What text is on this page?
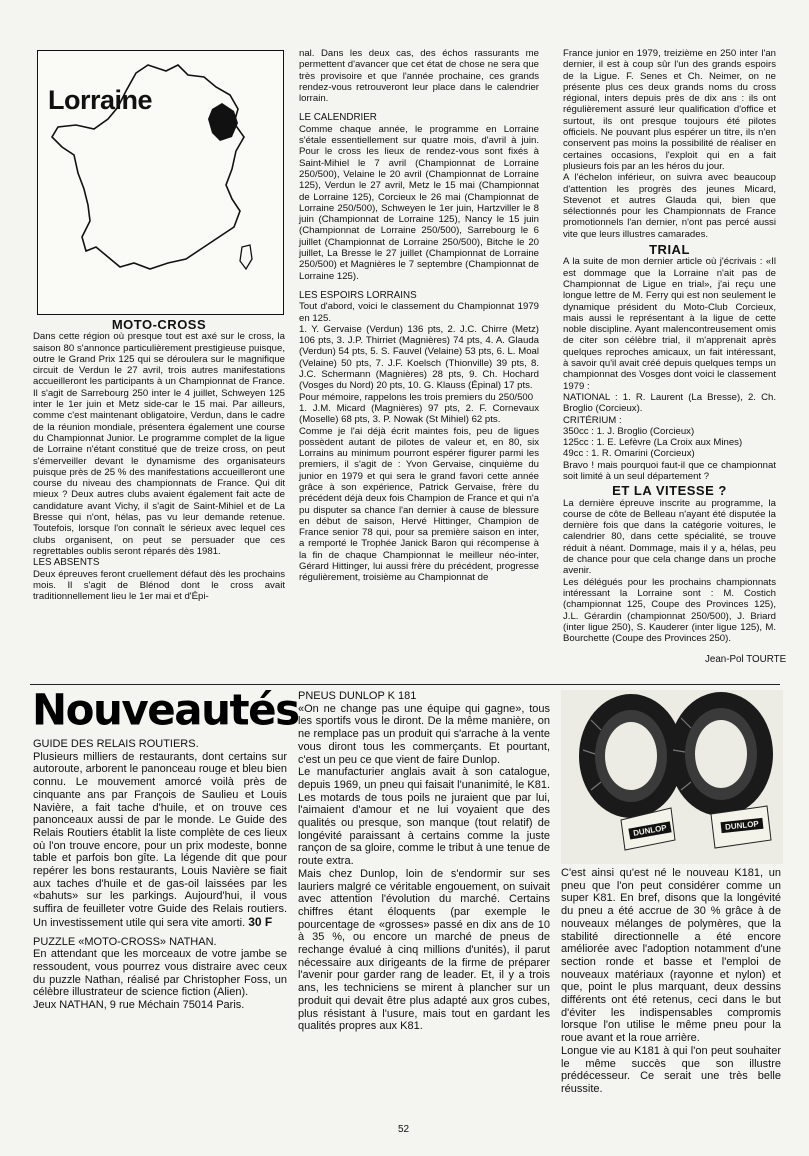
Lorraine
MOTO-CROSS

Dans cette région où presque tout est axé sur le cross, la saison 80 s'annonce particulièrement prestigieuse puisque, outre le Grand Prix 125 qui se déroulera sur le magnifique circuit de Verdun le 27 avril, trois autres manifestations accueilleront les participants à un Championnat de France. Il s'agit de Sarrebourg 250 inter le 4 juillet, Schweyen 125 inter le 1er juin et Metz side-car le 15 mai. Par ailleurs, comme c'est maintenant obligatoire, Verdun, dans le cadre de la réunion mondiale, présentera également une course du Championnat Junior. Le programme complet de la ligue de Lorraine n'étant constitué que de treize cross, on peut s'émerveiller devant le dynamisme des organisateurs puisque près de 25 % des manifestations accueilleront une course du niveau des championnats de France. Qui dit mieux ? Deux autres clubs avaient également fait acte de candidature avant Vichy, il s'agit de Saint-Mihiel et de La Bresse qui n'ont, hélas, pas vu leur demande retenue. Toutefois, lorsque l'on connaît le sérieux avec lequel ces clubs organisent, on peut se persuader que ces regrettables oublis seront réparés dès 1981.

LES ABSENTS

Deux épreuves feront cruellement défaut dès les prochains mois. Il s'agit de Blénod dont le cross avait traditionnellement lieu le 1er mai et d'Épi-

nal. Dans les deux cas, des échos rassurants me permettent d'avancer que cet état de chose ne sera que très provisoire et que l'année prochaine, ces grands rendez-vous retrouveront leur place dans le calendrier lorrain.

LE CALENDRIER

Comme chaque année, le programme en Lorraine s'étale essentiellement sur quatre mois, d'avril à juin. Pour le cross les lieux de rendez-vous sont fixés à Saint-Mihiel le 7 avril (Championnat de Lorraine 250/500), Velaine le 20 avril (Championnat de Lorraine 125), Verdun le 27 avril, Metz le 15 mai (Championnat de Lorraine 125), Corcieux le 26 mai (Championnat de Lorraine 250/500), Schweyen le 1er juin, Hartzviller le 8 juin (Championnat de Lorraine 125), Nancy le 15 juin (Championnat de Lorraine 250/500), Sarrebourg le 6 juillet (Championnat de Lorraine 250/500), Bitche le 20 juillet, La Bresse le 27 juillet (Championnat de Lorraine 250/500) et Magnières le 7 septembre (Championnat de Lorraine 125).

LES ESPOIRS LORRAINS

Tout d'abord, voici le classement du Championnat 1979 en 125.

1. Y. Gervaise (Verdun) 136 pts, 2. J.C. Chirre (Metz) 106 pts, 3. J.P. Thirriet (Magnières) 74 pts, 4. A. Glauda (Verdun) 54 pts, 5. S. Fauvel (Velaine) 53 pts, 6. L. Moal (Velaine) 50 pts, 7. J.F. Koelsch (Thionville) 39 pts, 8. J.C. Schermann (Magnières) 28 pts, 9. Ch. Hochard (Vosges du Nord) 20 pts, 10. G. Klauss (Épinal) 17 pts.

Pour mémoire, rappelons les trois premiers du 250/500

1. J.M. Micard (Magnières) 97 pts, 2. F. Cornevaux (Moselle) 68 pts, 3. P. Nowak (St Mihiel) 62 pts.

Comme je l'ai déjà écrit maintes fois, peu de ligues possèdent autant de pilotes de valeur et, en 80, six Lorrains au minimum pourront espérer figurer parmi les premiers, il s'agit de : Yvon Gervaise, cinquième du junior en 1979 et qui sera le grand favori cette année grâce à son expérience, Patrick Gervaise, frère du précédent déjà deux fois Champion de France et qui n'a pu disputer sa chance l'an dernier à cause de blessure en début de saison, Hervé Hittinger, Champion de France senior 78 qui, pour sa première saison en inter, a remporté le Trophée Janick Baron qui récompense à la fin de chaque Championnat le meilleur néo-inter, Gérard Hittinger, lui aussi frère du précédent, progresse régulièrement, troisième au Championnat de

France junior en 1979, treizième en 250 inter l'an dernier, il est à coup sûr l'un des grands espoirs de la Ligue. F. Senes et Ch. Neimer, on ne présente plus ces deux grands noms du cross régional, inters depuis près de dix ans : ils ont régulièrement assuré leur qualification d'office et surtout, ils ont presque toujours été pilotes officiels. Ne pouvant plus espérer un titre, ils n'en conservent pas moins la possibilité de réaliser en certaines occasions, l'exploit qui en a fait plusieurs fois par an les héros du jour.

A l'échelon inférieur, on suivra avec beaucoup d'attention les progrès des jeunes Micard, Stevenot et autres Glauda qui, bien que sélectionnés pour les Championnats de France promotionnels l'an dernier, n'ont pas percé aussi vite que leurs illustres camarades.

TRIAL

A la suite de mon dernier article où j'écrivais : «Il est dommage que la Lorraine n'ait pas de Championnat de Ligue en trial», j'ai reçu une longue lettre de M. Ferry qui est non seulement le dynamique président du Moto-Club Corcieux, mais aussi le représentant à la ligue de cette noble discipline. Ayant malencontreusement omis de citer son célèbre trial, il m'apprenait après quelques reproches amicaux, un fait intéressant, à savoir qu'il avait créé depuis quelques temps un championnat des Vosges dont voici le classement 1979 :

NATIONAL : 1. R. Laurent (La Bresse), 2. Ch. Broglio (Corcieux).

CRITÉRIUM :

350cc : 1. J. Broglio (Corcieux)

125cc : 1. E. Lefèvre (La Croix aux Mines)

49cc : 1. R. Omarini (Corcieux)

Bravo ! mais pourquoi faut-il que ce championnat soit limité à un seul département ?

ET LA VITESSE ?

La dernière épreuve inscrite au programme, la course de côte de Belleau n'ayant été disputée la dernière fois que dans la catégorie voitures, le calendrier 80, dans cette spécialité, se trouve réduit à néant. Dommage, mais il y a, hélas, peu de chance pour que cela change dans un proche avenir.

Les délégués pour les prochains championnats intéressant la Lorraine sont : M. Costich (championnat 125, Coupe des Provinces 125), J.L. Gérardin (championnat 250/500), J. Briard (inter ligue 250), S. Kauderer (inter ligue 125), M. Bourchette (Coupe des Provinces 250).

Jean-Pol TOURTE
Nouveautés
GUIDE DES RELAIS ROUTIERS.

Plusieurs milliers de restaurants, dont certains sur autoroute, arborent le panonceau rouge et bleu bien connu. Le mouvement amorcé voilà près de cinquante ans par François de Saulieu et Louis Navière, a fait tache d'huile, et on trouve ces panonceaux aussi de par le monde. Le Guide des Relais Routiers établit la liste complète de ces lieux où l'on trouve encore, pour un prix modeste, bonne table et parfois bon gîte. La légende dit que pour repérer les bons restaurants, Louis Navière se fiait aux taches d'huile et de gas-oil laissées par les «bahuts» sur les parkings. Aujourd'hui, il vous suffira de feuilleter votre Guide des Relais routiers. Un investissement utile qui sera vite amorti. 30 F

PUZZLE «MOTO-CROSS» NATHAN.

En attendant que les morceaux de votre jambe se ressoudent, vous pourrez vous distraire avec ceux du puzzle Nathan, réalisé par Christopher Foss, un célèbre illustrateur de science fiction (Alien).

Jeux NATHAN, 9 rue Méchain 75014 Paris.

PNEUS DUNLOP K 181

«On ne change pas une équipe qui gagne», tous les sportifs vous le diront. De la même manière, on ne remplace pas un produit qui s'arrache à la vente vous diront tous les commerçants. Et pourtant, c'est un peu ce que vient de faire Dunlop.

Le manufacturier anglais avait à son catalogue, depuis 1969, un pneu qui faisait l'unanimité, le K81. Les motards de tous poils ne juraient que par lui, l'aimaient d'amour et ne lui voyaient que des qualités ou presque, son manque (tout relatif) de longévité paraissant à certains comme la juste rançon de sa gloire, comme le tribut à une tenue de route extra.

Mais chez Dunlop, loin de s'endormir sur ses lauriers malgré ce véritable engouement, on suivait avec attention l'évolution du marché. Certains chiffres étant éloquents (par exemple le pourcentage de «grosses» passé en dix ans de 10 à 35 %, ou encore un marché de pneus de rechange évalué à cinq millions d'unités), il parut nécessaire aux dirigeants de la firme de préparer l'avenir pour garder rang de leader. Et, il y a trois ans, les techniciens se mirent à plancher sur un produit qui devait être plus adapté aux gros cubes, plus résistant à l'usure, mais tout en gardant les qualités propres aux K81.

DUNLOP	DUNLOP

C'est ainsi qu'est né le nouveau K181, un pneu que l'on peut considérer comme un super K81. En bref, disons que la longévité du pneu a été accrue de 30 % grâce à de nouveaux mélanges de polymères, que la stabilité directionnelle a été encore améliorée avec l'adoption notamment d'une section ronde et basse et l'emploi de nouveaux matériaux (rayonne et nylon) et que, point le plus marquant, deux dessins différents ont été retenus, ceci dans le but d'éviter les indispensables compromis lorsque l'on utilise le même pneu pour la roue avant et la roue arrière.

Longue vie au K181 à qui l'on peut souhaiter le même succès que son illustre prédécesseur. Ce serait une très belle réussite.

52
